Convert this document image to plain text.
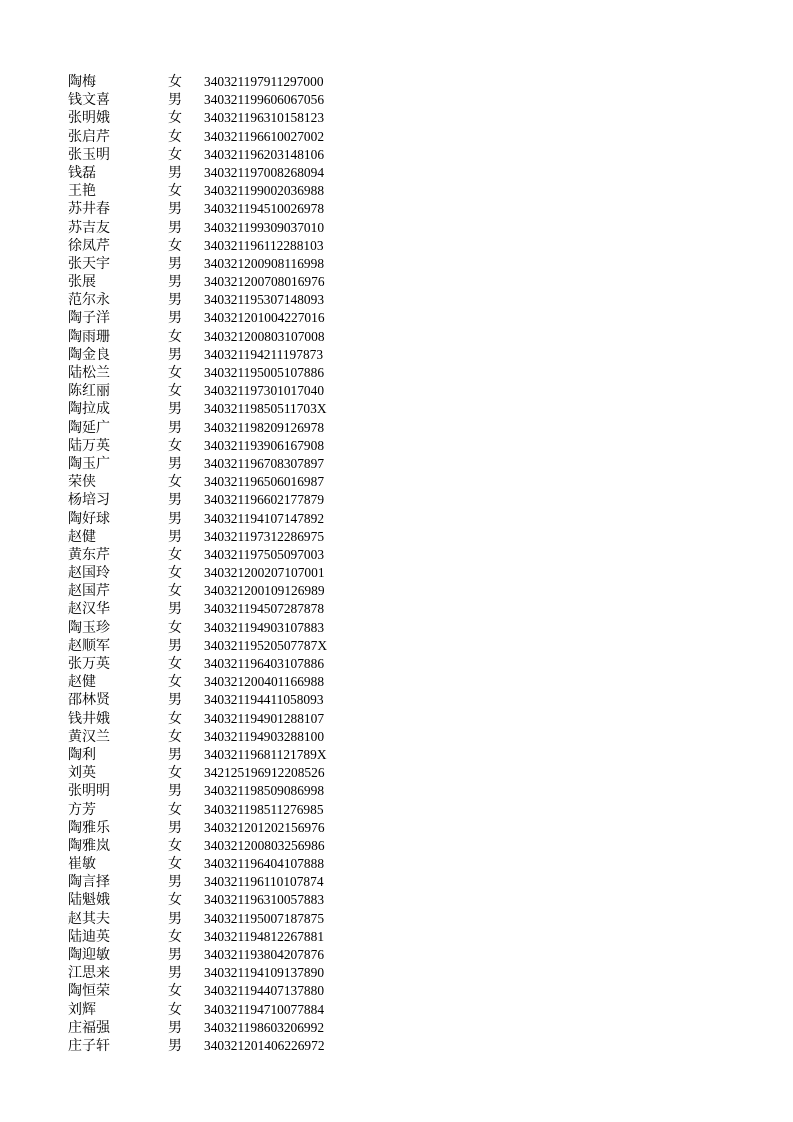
陶梅	女 340321197911297000
钱文喜	男 340321199606067056
张明娥	女 340321196310158123
张启芹	女 340321196610027002
张玉明	女 340321196203148106
钱磊	男 340321197008268094
王艳	女 340321199002036988
苏井春	男 340321194510026978
苏吉友	男 340321199309037010
徐凤芹	女 340321196112288103
张天宇	男 340321200908116998
张展	男 340321200708016976
范尔永	男 340321195307148093
陶子洋	男 340321201004227016
陶雨珊	女 340321200803107008
陶金良	男 340321194211197873
陆松兰	女 340321195005107886
陈红丽	女 340321197301017040
陶拉成	男 34032119850511703X
陶延广	男 340321198209126978
陆万英	女 340321193906167908
陶玉广	男 340321196708307897
荣侠	女 340321196506016987
杨培习	男 340321196602177879
陶好球	男 340321194107147892
赵健	男 340321197312286975
黄东芹	女 340321197505097003
赵国玲	女 340321200207107001
赵国芹	女 340321200109126989
赵汉华	男 340321194507287878
陶玉珍	女 340321194903107883
赵顺军	男 34032119520507787X
张万英	女 340321196403107886
赵健	女 340321200401166988
邵林贤	男 340321194411058093
钱井娥	女 340321194901288107
黄汉兰	女 340321194903288100
陶利	男 34032119681121789X
刘英	女 342125196912208526
张明明	男 340321198509086998
方芳	女 340321198511276985
陶雅乐	男 340321201202156976
陶雅岚	女 340321200803256986
崔敏	女 340321196404107888
陶言择	男 340321196110107874
陆魁娥	女 340321196310057883
赵其夫	男 340321195007187875
陆迪英	女 340321194812267881
陶迎敏	男 340321193804207876
江思来	男 340321194109137890
陶恒荣	女 340321194407137880
刘辉	女 340321194710077884
庄福强	男 340321198603206992
庄子轩	男 340321201406226972
